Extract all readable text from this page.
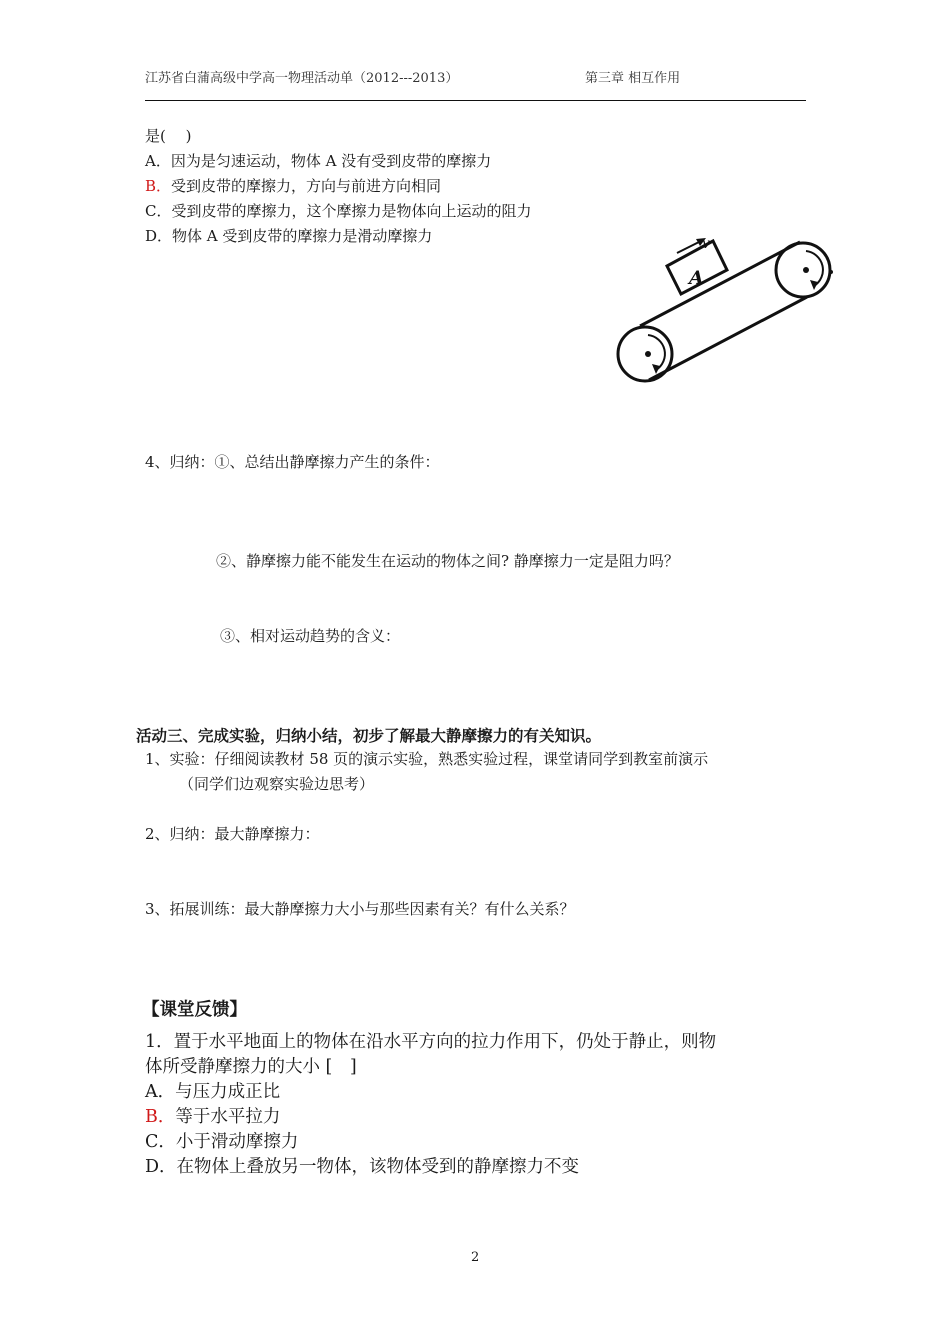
江苏省白蒲高级中学高一物理活动单（2012---2013）	第三章 相互作用
是(　 )
A．因为是匀速运动，物体 A 没有受到皮带的摩擦力
B．受到皮带的摩擦力，方向与前进方向相同
C．受到皮带的摩擦力，这个摩擦力是物体向上运动的阻力
D．物体 A 受到皮带的摩擦力是滑动摩擦力
A
v
4、归纳：①、总结出静摩擦力产生的条件：
②、静摩擦力能不能发生在运动的物体之间? 静摩擦力一定是阻力吗？
③、相对运动趋势的含义：
活动三、完成实验，归纳小结，初步了解最大静摩擦力的有关知识。
1、实验：仔细阅读教材 58 页的演示实验，熟悉实验过程，课堂请同学到教室前演示
（同学们边观察实验边思考）
2、归纳：最大静摩擦力：
3、拓展训练：最大静摩擦力大小与那些因素有关？有什么关系？
【课堂反馈】
1．置于水平地面上的物体在沿水平方向的拉力作用下，仍处于静止，则物
体所受静摩擦力的大小 [　]
A．与压力成正比
B．等于水平拉力
C．小于滑动摩擦力
D．在物体上叠放另一物体，该物体受到的静摩擦力不变
2
